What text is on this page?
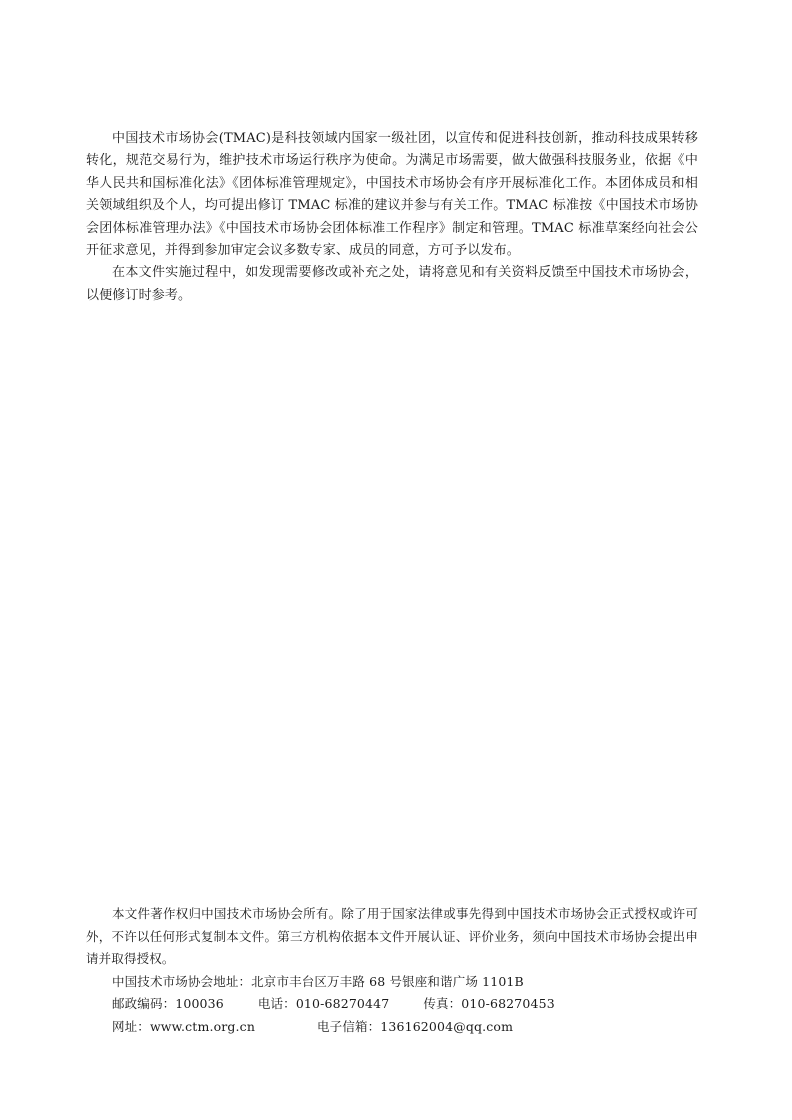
中国技术市场协会(TMAC)是科技领域内国家一级社团，以宣传和促进科技创新，推动科技成果转移转化，规范交易行为，维护技术市场运行秩序为使命。为满足市场需要，做大做强科技服务业，依据《中华人民共和国标准化法》《团体标准管理规定》，中国技术市场协会有序开展标准化工作。本团体成员和相关领域组织及个人，均可提出修订 TMAC 标准的建议并参与有关工作。TMAC 标准按《中国技术市场协会团体标准管理办法》《中国技术市场协会团体标准工作程序》制定和管理。TMAC 标准草案经向社会公开征求意见，并得到参加审定会议多数专家、成员的同意，方可予以发布。

在本文件实施过程中，如发现需要修改或补充之处，请将意见和有关资料反馈至中国技术市场协会，以便修订时参考。

本文件著作权归中国技术市场协会所有。除了用于国家法律或事先得到中国技术市场协会正式授权或许可外，不许以任何形式复制本文件。第三方机构依据本文件开展认证、评价业务，须向中国技术市场协会提出申请并取得授权。

中国技术市场协会地址：北京市丰台区万丰路 68 号银座和谐广场 1101B

邮政编码：100036	电话：010-68270447	传真：010-68270453

网址：www.ctm.org.cn	电子信箱：136162004@qq.com
